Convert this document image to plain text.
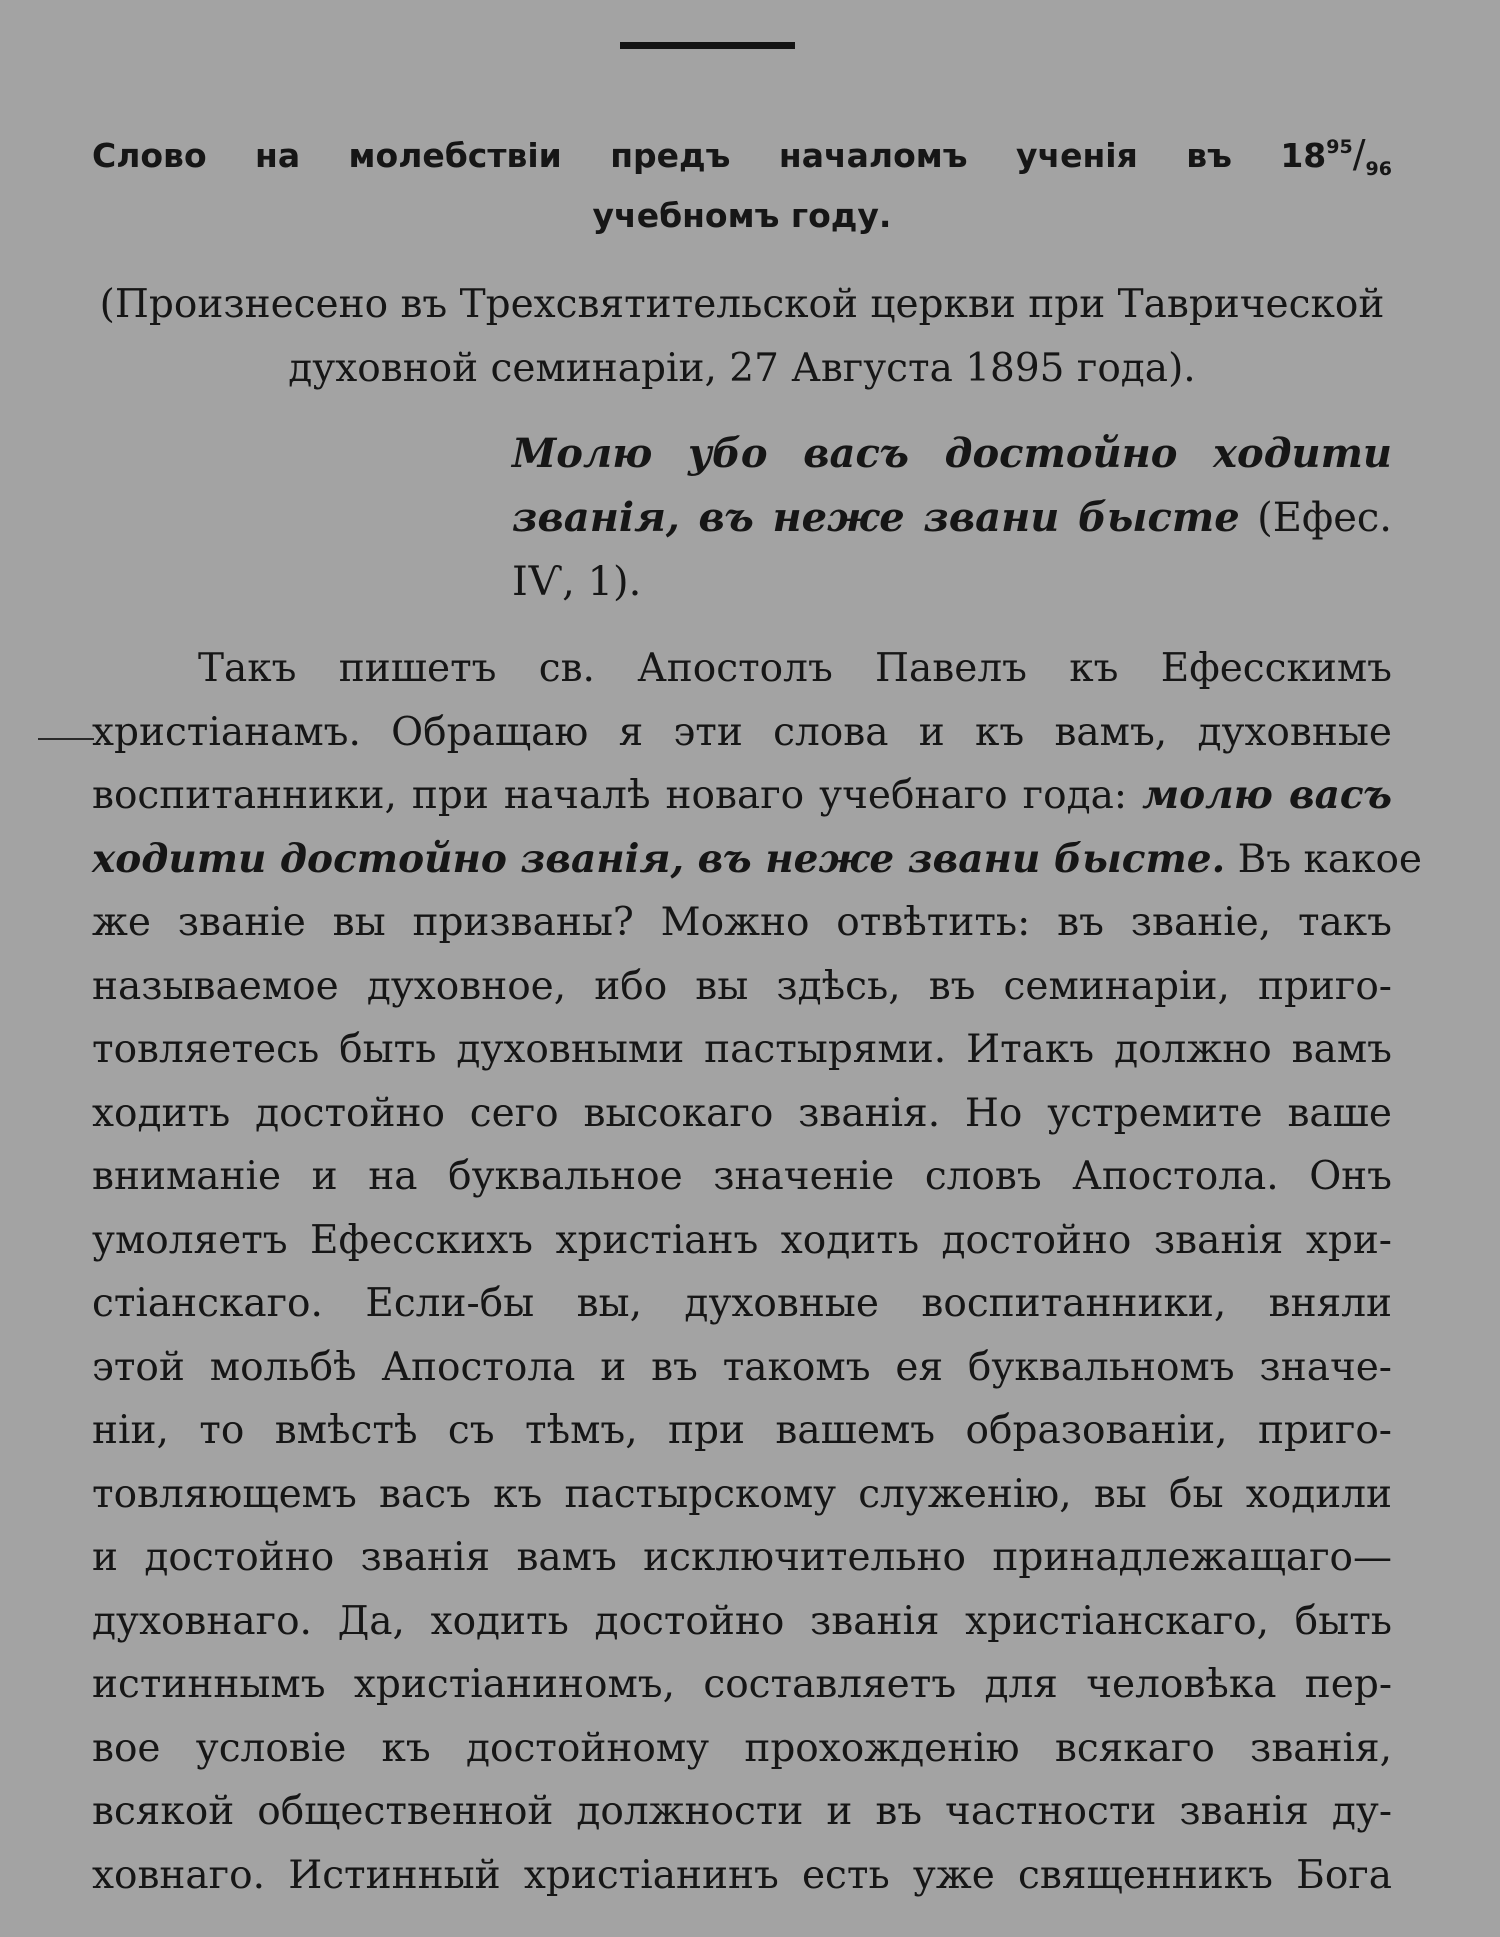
Слово на молебствіи предъ началомъ ученія въ $18^{95}/_{96}$
учебномъ году.
(Произнесено въ Трехсвятительской церкви при Таврической
духовной семинаріи, 27 Августа 1895 года).
Молю убо васъ достойно ходити званія, въ неже звани бысте (Ефес. IѴ, 1).
Такъ пишетъ св. Апостолъ Павелъ къ Ефесскимъ
христіанамъ. Обращаю я эти слова и къ вамъ, духовные
воспитанники, при началѣ новаго учебнаго года: молю васъ
ходити достойно званія, въ неже звани бысте. Въ какое
же званіе вы призваны? Можно отвѣтить: въ званіе, такъ
называемое духовное, ибо вы здѣсь, въ семинаріи, приго-
товляетесь быть духовными пастырями. Итакъ должно вамъ
ходить достойно сего высокаго званія. Но устремите ваше
вниманіе и на буквальное значеніе словъ Апостола. Онъ
умоляетъ Ефесскихъ христіанъ ходить достойно званія хри-
стіанскаго. Если-бы вы, духовные воспитанники, вняли
этой мольбѣ Апостола и въ такомъ ея буквальномъ значе-
ніи, то вмѣстѣ съ тѣмъ, при вашемъ образованіи, приго-
товляющемъ васъ къ пастырскому служенію, вы бы ходили
и достойно званія вамъ исключительно принадлежащаго—
духовнаго. Да, ходить достойно званія христіанскаго, быть
истиннымъ христіаниномъ, составляетъ для человѣка пер-
вое условіе къ достойному прохожденію всякаго званія,
всякой общественной должности и въ частности званія ду-
ховнаго. Истинный христіанинъ есть уже священникъ Бога
